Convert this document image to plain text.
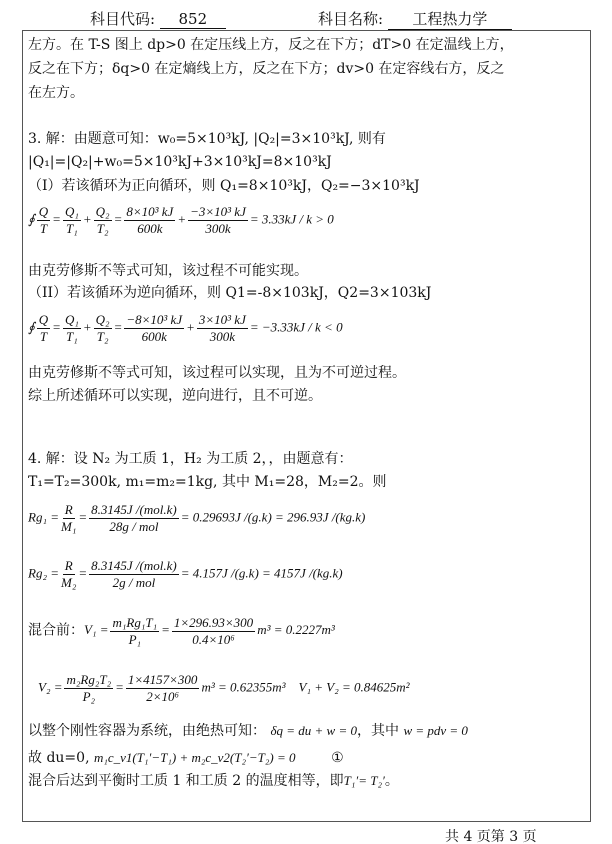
科目代码: 852	科目名称: 工程热力学
左方。在 T-S 图上 dp>0 在定压线上方，反之在下方；dT>0 在定温线上方，
反之在下方；δq>0 在定熵线上方，反之在下方；dv>0 在定容线右方，反之
在左方。
3. 解：由题意可知：w₀=5×10³kJ, |Q₂|=3×10³kJ, 则有
|Q₁|=|Q₂|+w₀=5×10³kJ+3×10³kJ=8×10³kJ
（I）若该循环为正向循环，则 Q₁=8×10³kJ，Q₂=−3×10³kJ
∮ $\frac{Q}{T} = \frac{\text{Q₁}}{\text{T₁}} + \frac{\text{Q₂}}{\text{T₂}} = \frac{\text{8×10³ kJ}}{600k} + \frac{\text{−3×10³ kJ}}{300k} = 3.33kJ / k > 0$
由克劳修斯不等式可知，该过程不可能实现。
（II）若该循环为逆向循环，则 Q1=-8×103kJ，Q2=3×103kJ
∮ $\frac{Q}{T} = \frac{\text{Q₁}}{\text{T₁}} + \frac{\text{Q₂}}{\text{T₂}} = \frac{\text{−8×10³ kJ}}{600k} + \frac{\text{3×10³ kJ}}{300k} = -3.33kJ / k < 0$
由克劳修斯不等式可知，该过程可以实现，且为不可逆过程。
综上所述循环可以实现，逆向进行，且不可逆。
4. 解：设 N₂ 为工质 1，H₂ 为工质 2，，由题意有：
T₁=T₂=300k, m₁=m₂=1kg, 其中 M₁=28，M₂=2。则
$Rg_1 = \frac{R}{\text{M₁}} = 8.3145J$ /(mol.k)
28g / mol
= 0.29693J /(g.k) = 296.93J /(kg.k)
$Rg_2 = \frac{R}{\text{M₂}} = 8.3145J$ /(mol.k)
2g / mol
= 4.157J /(g.k) = 4157J /(kg.k)
混合前：$V_1 = \frac{\text{m₁Rg₁T₁}}{\text{P₁}} = \frac{1\times 296.93\times 300}{\text{0.4×10⁶}} m^3 = 0.2227m^3$
$V_2 = \frac{\text{m₂Rg₂T₂}}{\text{P₂}} = \frac{1\times 4157\times 300}{\text{2×10⁶}} m^3 = 0.62355m^3$ V₁ + V₂ = 0.84625m²
以整个刚性容器为系统，由绝热可知： δq = du + w = 0，其中 w = pdv = 0
故 du=0, m₁c_v1(T₁′−T₁) + m₂c_v2(T₂′−T₂) = 0	①
混合后达到平衡时工质 1 和工质 2 的温度相等，即T₁′= T₂′。
共 4 页第 3 页
